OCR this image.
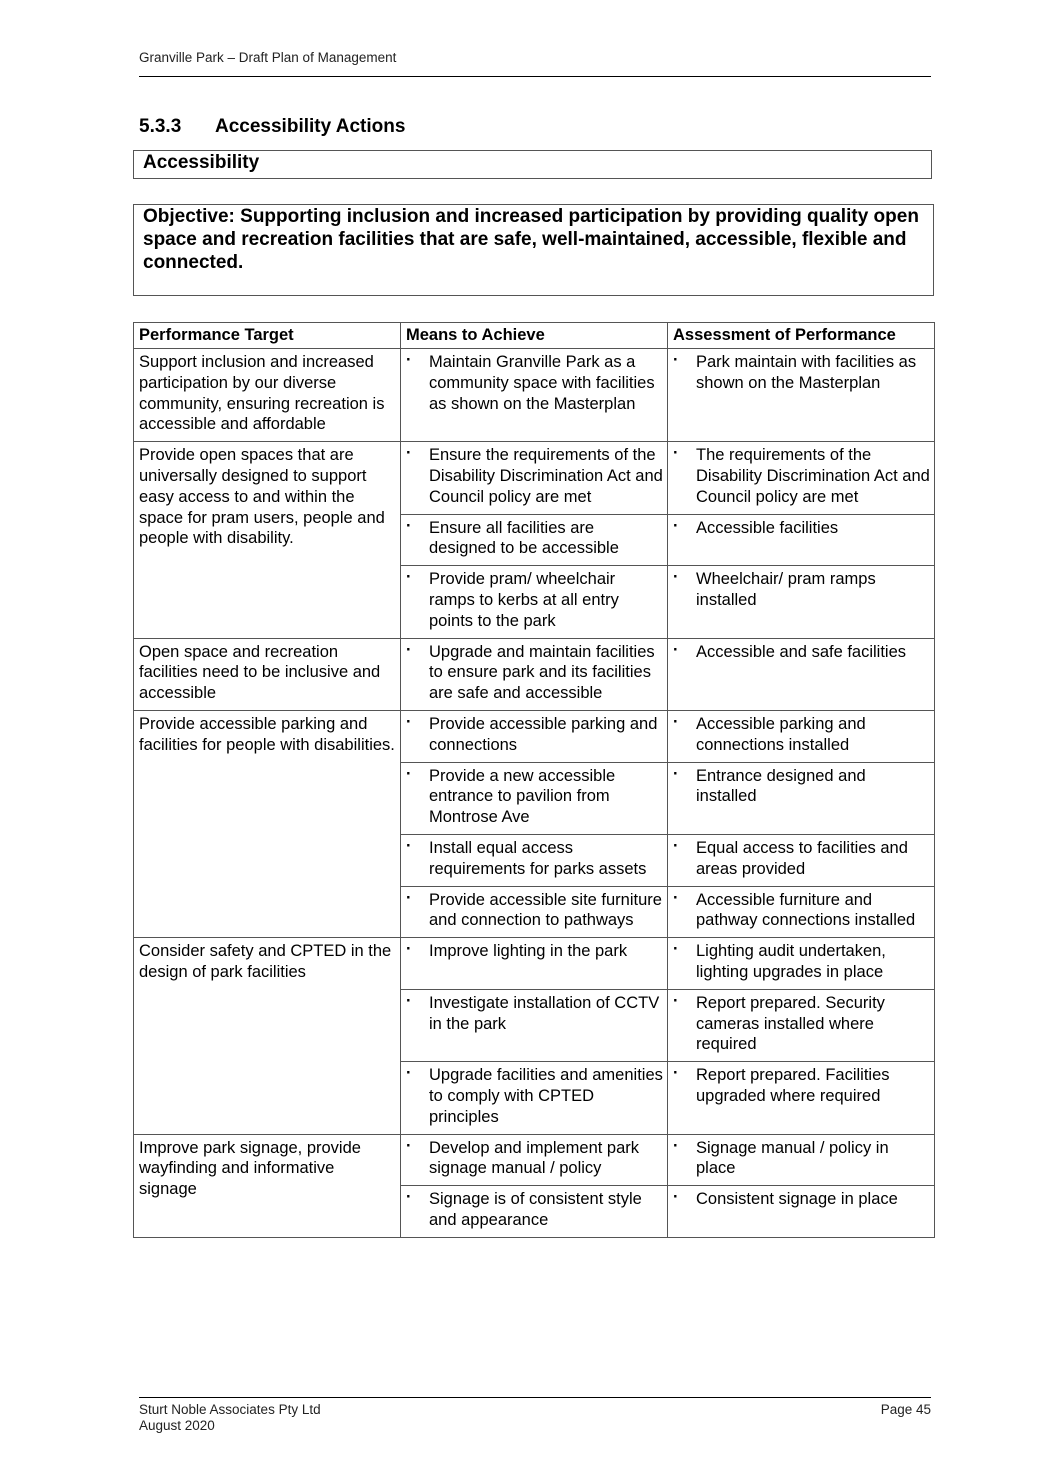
Granville Park – Draft Plan of Management
5.3.3 Accessibility Actions
Accessibility
Objective: Supporting inclusion and increased participation by providing quality open space and recreation facilities that are safe, well-maintained, accessible, flexible and connected.
Performance Target	Means to Achieve	Assessment of Performance
Support inclusion and increased participation by our diverse community, ensuring recreation is accessible and affordable	· Maintain Granville Park as a community space with facilities as shown on the Masterplan	· Park maintain with facilities as shown on the Masterplan

Provide open spaces that are universally designed to support easy access to and within the space for pram users, people and people with disability.	· Ensure the requirements of the Disability Discrimination Act and Council policy are met	· The requirements of the Disability Discrimination Act and Council policy are met

	· Ensure all facilities are designed to be accessible	· Accessible facilities

	· Provide pram/ wheelchair ramps to kerbs at all entry points to the park	· Wheelchair/ pram ramps installed

Open space and recreation facilities need to be inclusive and accessible	· Upgrade and maintain facilities to ensure park and its facilities are safe and accessible	· Accessible and safe facilities

Provide accessible parking and facilities for people with disabilities.	· Provide accessible parking and connections	· Accessible parking and connections installed

	· Provide a new accessible entrance to pavilion from Montrose Ave	· Entrance designed and installed

	· Install equal access requirements for parks assets	· Equal access to facilities and areas provided

	· Provide accessible site furniture and connection to pathways	· Accessible furniture and pathway connections installed

Consider safety and CPTED in the design of park facilities	· Improve lighting in the park	· Lighting audit undertaken, lighting upgrades in place

	· Investigate installation of CCTV in the park	· Report prepared. Security cameras installed where required

	· Upgrade facilities and amenities to comply with CPTED principles	· Report prepared. Facilities upgraded where required

Improve park signage, provide wayfinding and informative signage	· Develop and implement park signage manual / policy	· Signage manual / policy in place

	· Signage is of consistent style and appearance	· Consistent signage in place
Sturt Noble Associates Pty Ltd
August 2020
Page 45
